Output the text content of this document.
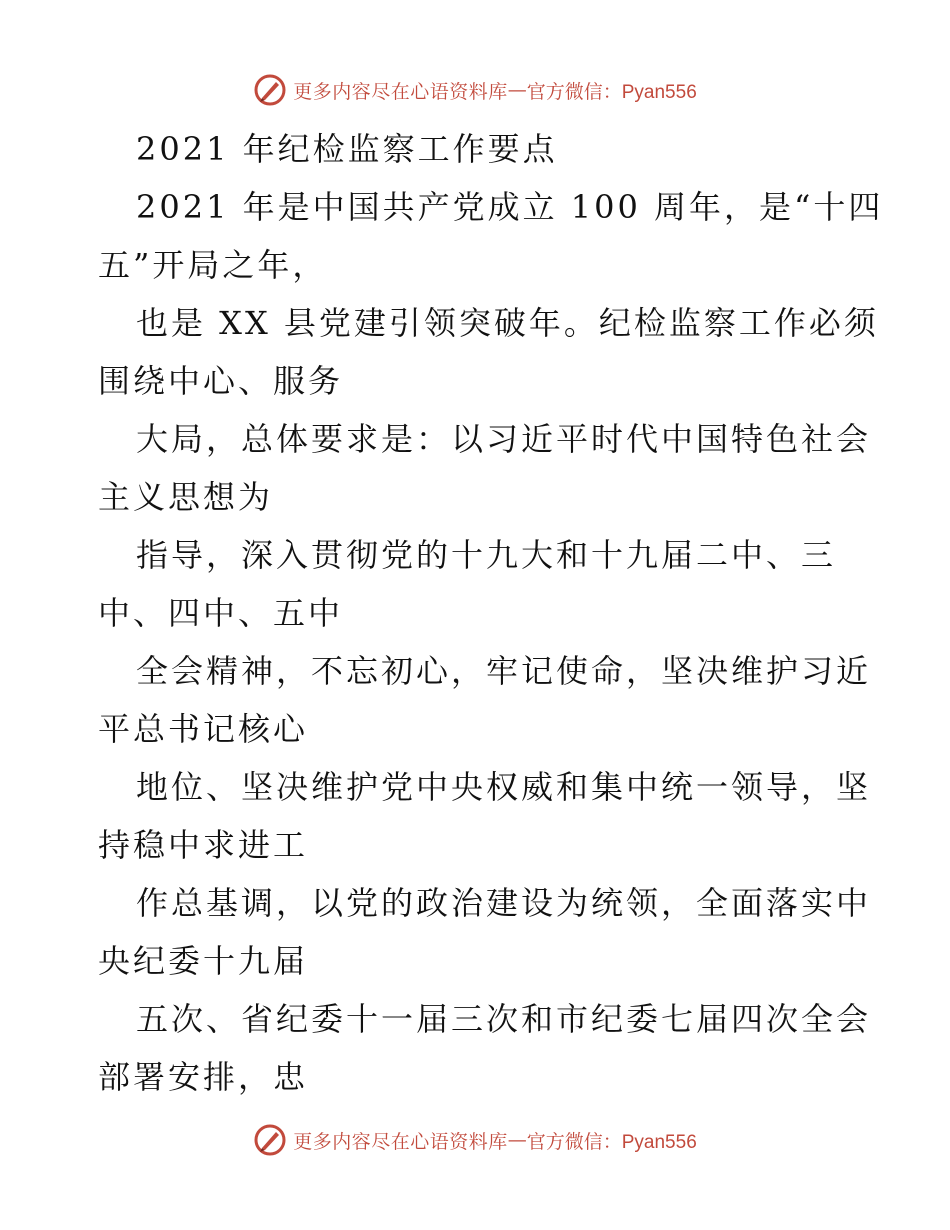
更多内容尽在心语资料库 — 官方微信：Pyan556
2021 年纪检监察工作要点
2021 年是中国共产党成立 100 周年，是“十四
五”开局之年，
也是 XX 县党建引领突破年。纪检监察工作必须
围绕中心、服务
大局，总体要求是：以习近平时代中国特色社会
主义思想为
指导，深入贯彻党的十九大和十九届二中、三
中、四中、五中
全会精神，不忘初心，牢记使命，坚决维护习近
平总书记核心
地位、坚决维护党中央权威和集中统一领导，坚
持稳中求进工
作总基调，以党的政治建设为统领，全面落实中
央纪委十九届
五次、省纪委十一届三次和市纪委七届四次全会
部署安排，忠
更多内容尽在心语资料库 — 官方微信：Pyan556
